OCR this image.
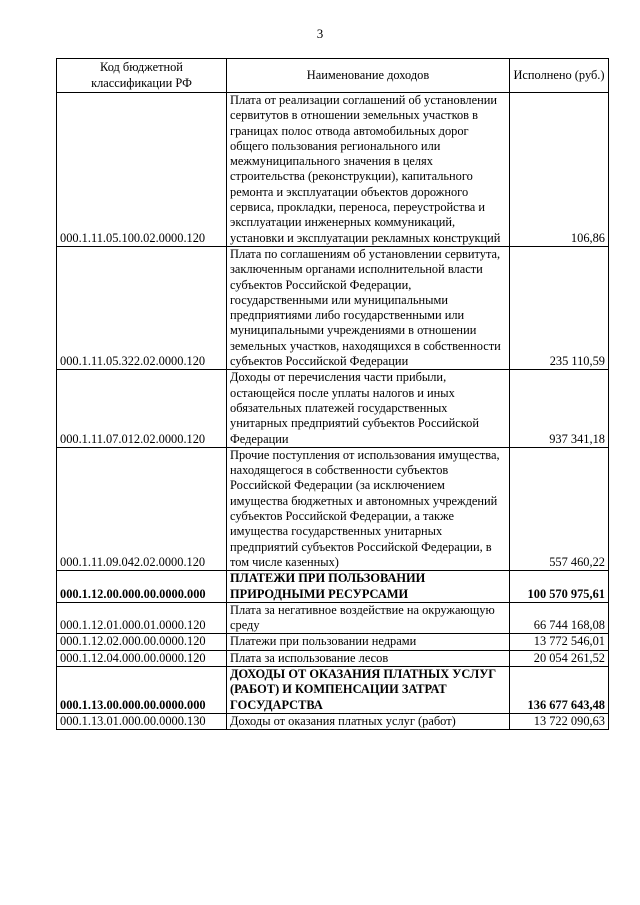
3
Код бюджетной классификации РФ	Наименование доходов	Исполнено (руб.)
000.1.11.05.100.02.0000.120	Плата от реализации соглашений об установлении сервитутов в отношении земельных участков в границах полос отвода автомобильных дорог общего пользования регионального или межмуниципального значения в целях строительства (реконструкции), капитального ремонта и эксплуатации объектов дорожного сервиса, прокладки, переноса, переустройства и эксплуатации инженерных коммуникаций, установки и эксплуатации рекламных конструкций	106,86
000.1.11.05.322.02.0000.120	Плата по соглашениям об установлении сервитута, заключенным органами исполнительной власти субъектов Российской Федерации, государственными или муниципальными предприятиями либо государственными или муниципальными учреждениями в отношении земельных участков, находящихся в собственности субъектов Российской Федерации	235 110,59
000.1.11.07.012.02.0000.120	Доходы от перечисления части прибыли, остающейся после уплаты налогов и иных обязательных платежей государственных унитарных предприятий субъектов Российской Федерации	937 341,18
000.1.11.09.042.02.0000.120	Прочие поступления от использования имущества, находящегося в собственности субъектов Российской Федерации (за исключением имущества бюджетных и автономных учреждений субъектов Российской Федерации, а также имущества государственных унитарных предприятий субъектов Российской Федерации, в том числе казенных)	557 460,22
000.1.12.00.000.00.0000.000	ПЛАТЕЖИ ПРИ ПОЛЬЗОВАНИИ ПРИРОДНЫМИ РЕСУРСАМИ	100 570 975,61
000.1.12.01.000.01.0000.120	Плата за негативное воздействие на окружающую среду	66 744 168,08
000.1.12.02.000.00.0000.120	Платежи при пользовании недрами	13 772 546,01
000.1.12.04.000.00.0000.120	Плата за использование лесов	20 054 261,52
000.1.13.00.000.00.0000.000	ДОХОДЫ ОТ ОКАЗАНИЯ ПЛАТНЫХ УСЛУГ (РАБОТ) И КОМПЕНСАЦИИ ЗАТРАТ ГОСУДАРСТВА	136 677 643,48
000.1.13.01.000.00.0000.130	Доходы от оказания платных услуг (работ)	13 722 090,63
